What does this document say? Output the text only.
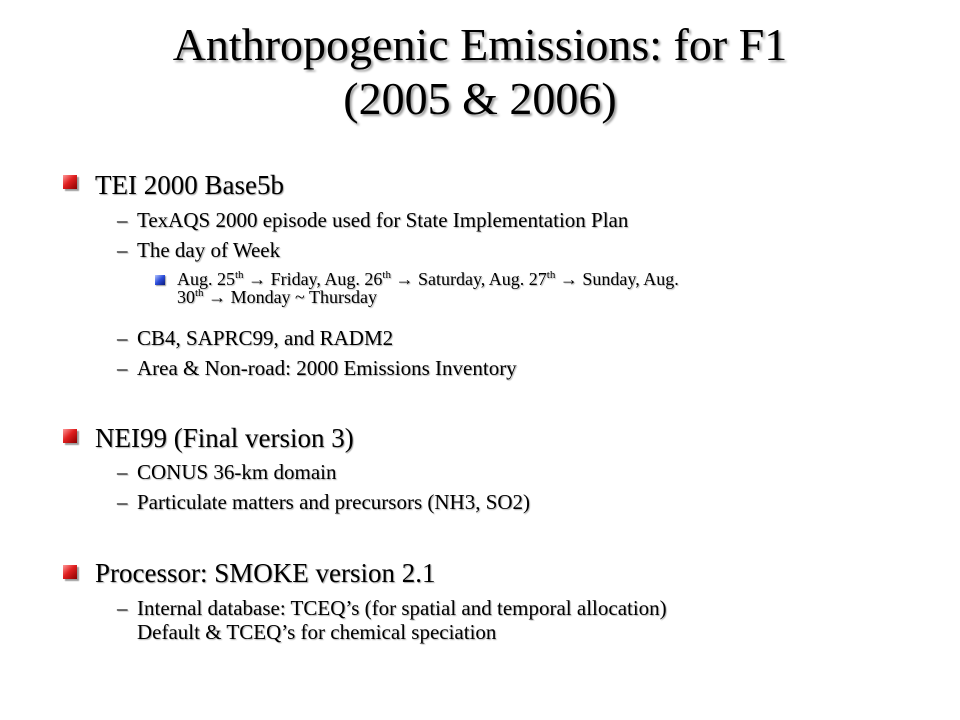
Anthropogenic Emissions: for F1
(2005 & 2006)
TEI 2000 Base5b
– TexAQS 2000 episode used for State Implementation Plan
– The day of Week
Aug. 25th → Friday, Aug. 26th → Saturday, Aug. 27th → Sunday, Aug.
30th → Monday ~ Thursday
– CB4, SAPRC99, and RADM2
– Area & Non-road: 2000 Emissions Inventory
NEI99 (Final version 3)
– CONUS 36-km domain
– Particulate matters and precursors (NH3, SO2)
Processor: SMOKE version 2.1
– Internal database: TCEQ’s (for spatial and temporal allocation)
Default & TCEQ’s for chemical speciation
